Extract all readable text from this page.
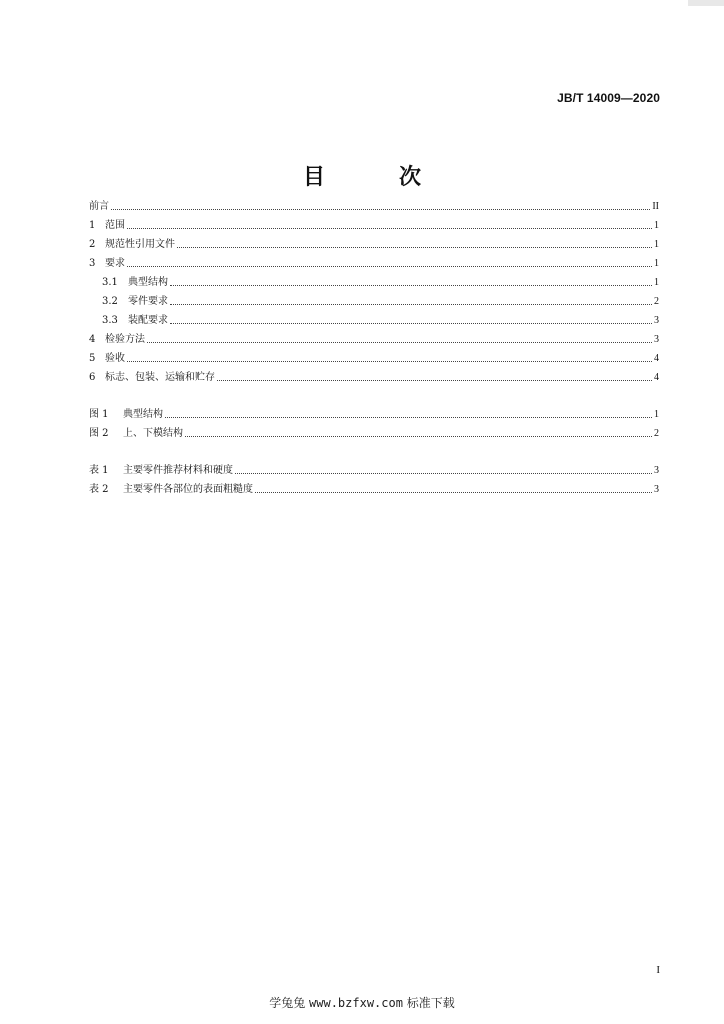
JB/T 14009—2020
目　次
前言	II
1 范围	1
2 规范性引用文件	1
3 要求	1
3.1	典型结构	1
3.2	零件要求	2
3.3	装配要求	3
4 检验方法	3
5 验收	4
6 标志、包装、运输和贮存	4
图 1	典型结构	1
图 2	上、下模结构	2
表 1	主要零件推荐材料和硬度	3
表 2	主要零件各部位的表面粗糙度	3
I
学兔兔 www.bzfxw.com 标准下载
